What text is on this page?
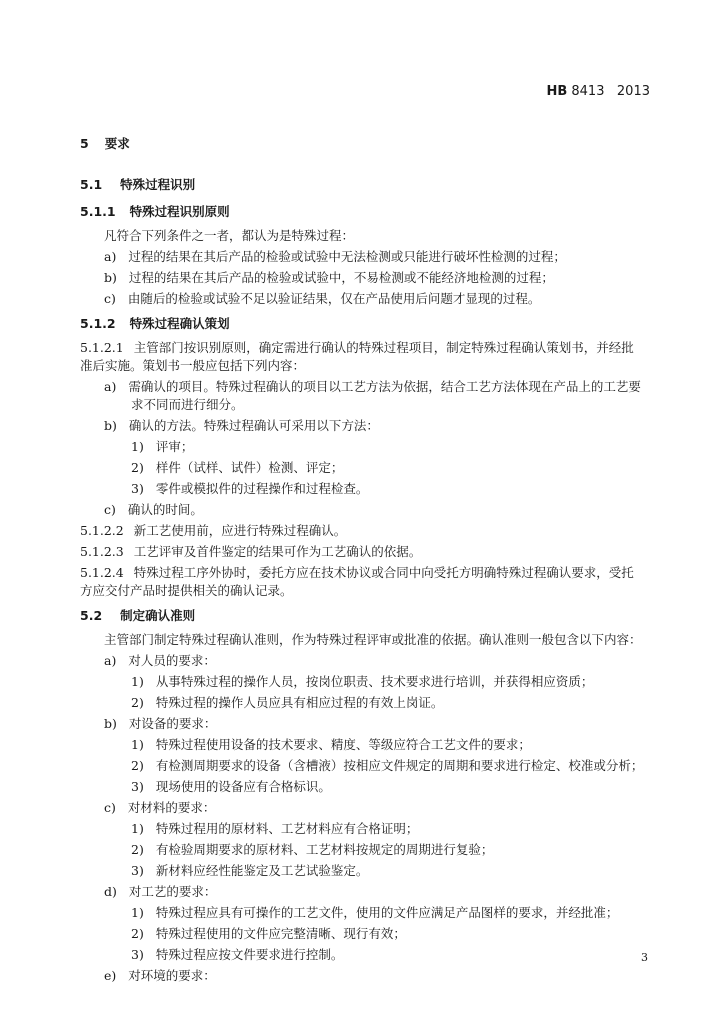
HB 8413 2013
5 要求
5.1 特殊过程识别
5.1.1 特殊过程识别原则
凡符合下列条件之一者，都认为是特殊过程：
a) 过程的结果在其后产品的检验或试验中无法检测或只能进行破坏性检测的过程；
b) 过程的结果在其后产品的检验或试验中，不易检测或不能经济地检测的过程；
c) 由随后的检验或试验不足以验证结果，仅在产品使用后问题才显现的过程。
5.1.2 特殊过程确认策划
5.1.2.1 主管部门按识别原则，确定需进行确认的特殊过程项目，制定特殊过程确认策划书，并经批
准后实施。策划书一般应包括下列内容：
a) 需确认的项目。特殊过程确认的项目以工艺方法为依据，结合工艺方法体现在产品上的工艺要
求不同而进行细分。
b) 确认的方法。特殊过程确认可采用以下方法：
1) 评审；
2) 样件（试样、试件）检测、评定；
3) 零件或模拟件的过程操作和过程检查。
c) 确认的时间。
5.1.2.2 新工艺使用前，应进行特殊过程确认。
5.1.2.3 工艺评审及首件鉴定的结果可作为工艺确认的依据。
5.1.2.4 特殊过程工序外协时，委托方应在技术协议或合同中向受托方明确特殊过程确认要求，受托
方应交付产品时提供相关的确认记录。
5.2 制定确认准则
主管部门制定特殊过程确认准则，作为特殊过程评审或批准的依据。确认准则一般包含以下内容：
a) 对人员的要求：
1) 从事特殊过程的操作人员，按岗位职责、技术要求进行培训，并获得相应资质；
2) 特殊过程的操作人员应具有相应过程的有效上岗证。
b) 对设备的要求：
1) 特殊过程使用设备的技术要求、精度、等级应符合工艺文件的要求；
2) 有检测周期要求的设备（含槽液）按相应文件规定的周期和要求进行检定、校准或分析；
3) 现场使用的设备应有合格标识。
c) 对材料的要求：
1) 特殊过程用的原材料、工艺材料应有合格证明；
2) 有检验周期要求的原材料、工艺材料按规定的周期进行复验；
3) 新材料应经性能鉴定及工艺试验鉴定。
d) 对工艺的要求：
1) 特殊过程应具有可操作的工艺文件，使用的文件应满足产品图样的要求，并经批准；
2) 特殊过程使用的文件应完整清晰、现行有效；
3) 特殊过程应按文件要求进行控制。
e) 对环境的要求：
3
